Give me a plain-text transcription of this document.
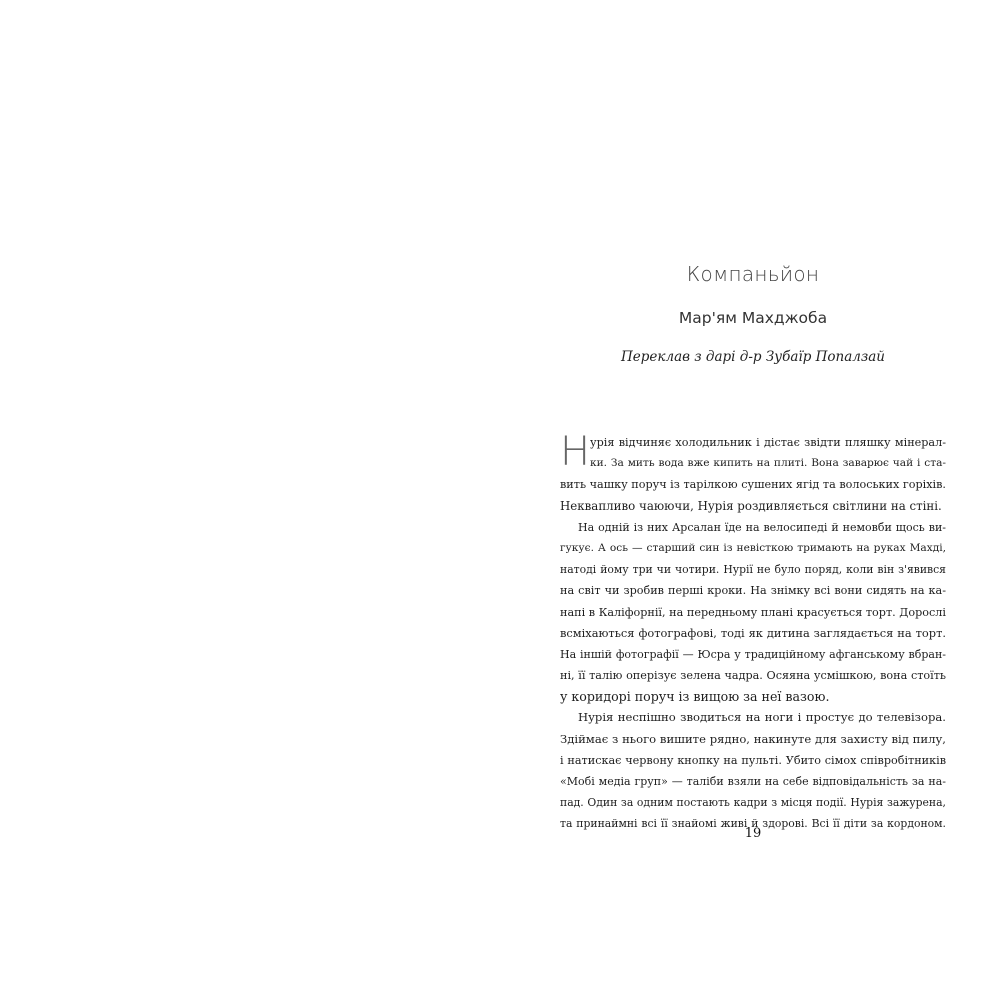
Компаньйон
Мар'ям Махджоба
Переклав з дарі д-р Зубаїр Попалзай
Н урія відчиняє холодильник і дістає звідти пляшку мінерал-
ки. За мить вода вже кипить на плиті. Вона заварює чай і ста-
вить чашку поруч із тарілкою сушених ягід та волоських горіхів.
Неквапливо чаюючи, Нурія роздивляється світлини на стіні.
На одній із них Арсалан їде на велосипеді й немовби щось ви-
гукує. А ось — старший син із невісткою тримають на руках Махді,
натоді йому три чи чотири. Нурії не було поряд, коли він з'явився
на світ чи зробив перші кроки. На знімку всі вони сидять на ка-
напі в Каліфорнії, на передньому плані красується торт. Дорослі
всміхаються фотографові, тоді як дитина заглядається на торт.
На іншій фотографії — Юсра у традиційному афганському вбран-
ні, її талію оперізує зелена чадра. Осяяна усмішкою, вона стоїть
у коридорі поруч із вищою за неї вазою.
Нурія неспішно зводиться на ноги і простує до телевізора.
Здіймає з нього вишите рядно, накинуте для захисту від пилу,
і натискає червону кнопку на пульті. Убито сімох співробітників
«Мобі медіа груп» — таліби взяли на себе відповідальність за на-
пад. Один за одним постають кадри з місця події. Нурія зажурена,
та принаймні всі її знайомі живі й здорові. Всі її діти за кордоном.
19
